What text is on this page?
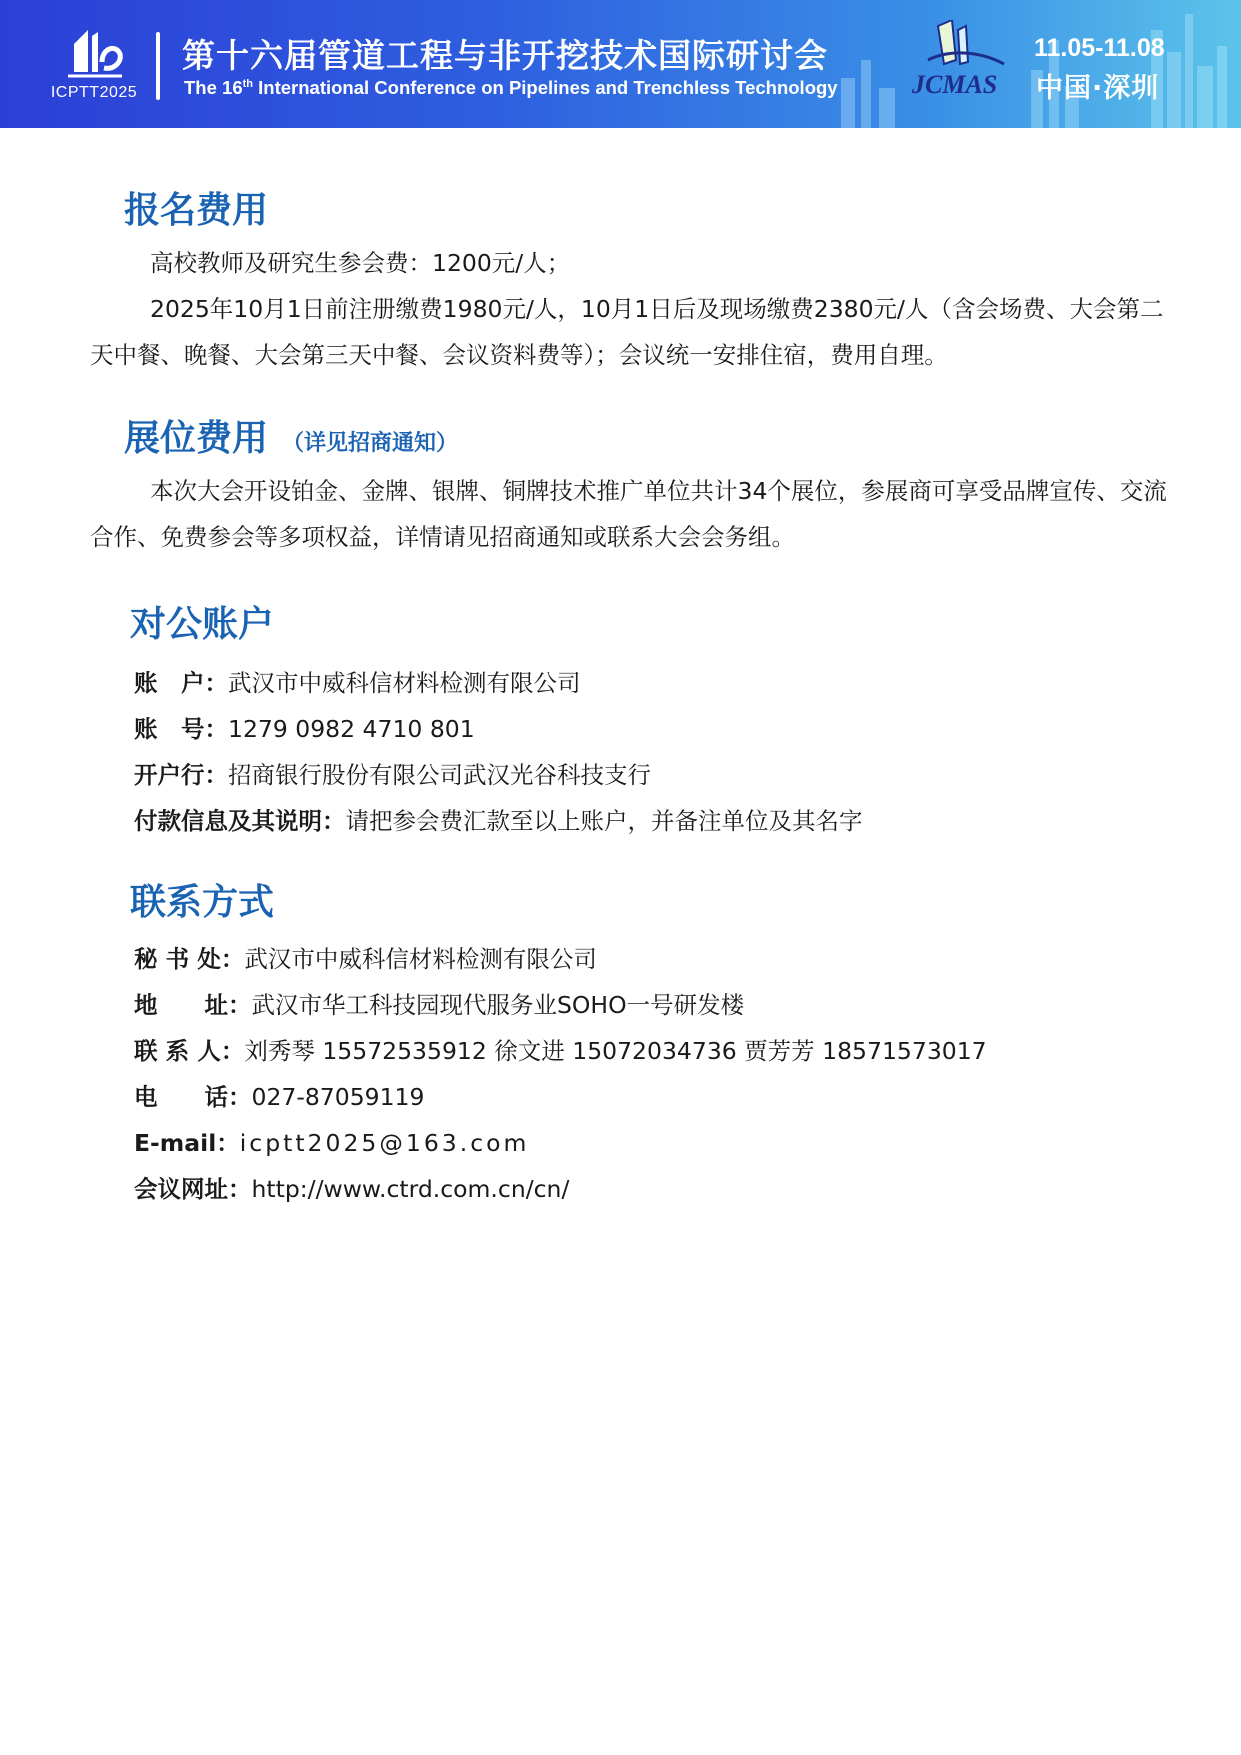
ICPTT2025
第十六届管道工程与非开挖技术国际研讨会
The 16th International Conference on Pipelines and Trenchless Technology	JCMAS
11.05-11.08
中国·深圳
报名费用
高校教师及研究生参会费：1200元/人；
2025年10月1日前注册缴费1980元/人，10月1日后及现场缴费2380元/人（含会场费、大会第二天中餐、晚餐、大会第三天中餐、会议资料费等）；会议统一安排住宿，费用自理。
展位费用 （详见招商通知）
本次大会开设铂金、金牌、银牌、铜牌技术推广单位共计34个展位，参展商可享受品牌宣传、交流合作、免费参会等多项权益，详情请见招商通知或联系大会会务组。
对公账户
账　户：武汉市中威科信材料检测有限公司
账　号：1279 0982 4710 801
开户行：招商银行股份有限公司武汉光谷科技支行
付款信息及其说明：请把参会费汇款至以上账户，并备注单位及其名字
联系方式
秘 书 处：武汉市中威科信材料检测有限公司
地　　址：武汉市华工科技园现代服务业SOHO一号研发楼
联 系 人：刘秀琴 15572535912 徐文进 15072034736 贾芳芳 18571573017
电　　话：027-87059119
E-mail：icptt2025@163.com
会议网址：http://www.ctrd.com.cn/cn/
